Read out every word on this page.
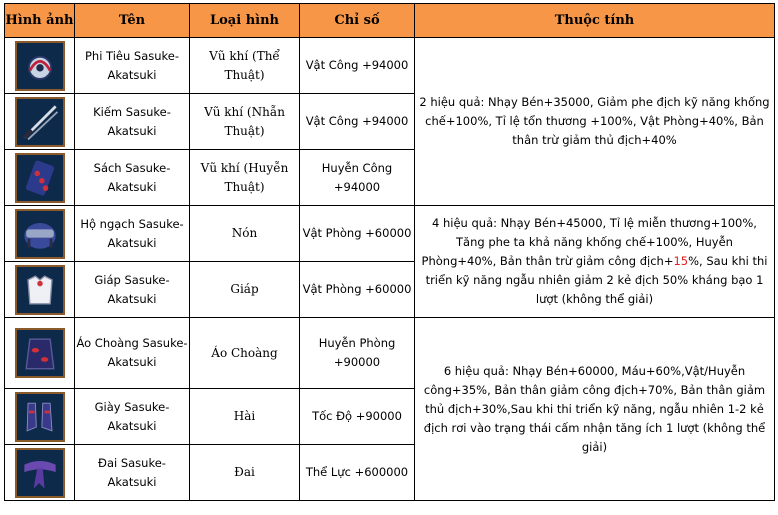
Hình ảnh	Tên	Loại hình	Chỉ số	Thuộc tính

	Phi Tiêu Sasuke-Akatsuki	Vũ khí (Thể Thuật)	Vật Công +94000	2 hiệu quả: Nhạy Bén+35000, Giảm phe địch kỹ năng khống chế+100%, Tỉ lệ tổn thương +100%, Vật Phòng+40%, Bản thân trừ giảm thủ địch+40%

	Kiếm Sasuke-Akatsuki	Vũ khí (Nhẫn Thuật)	Vật Công +94000	

	Sách Sasuke-Akatsuki	Vũ khí (Huyễn Thuật)	Huyễn Công +94000	

	Hộ ngạch Sasuke-Akatsuki	Nón	Vật Phòng +60000	4 hiệu quả: Nhạy Bén+45000, Tỉ lệ miễn thương+100%, Tăng phe ta khả năng khống chế+100%, Huyễn Phòng+40%, Bản thân trừ giảm công địch+15%, Sau khi thi triển kỹ năng ngẫu nhiên giảm 2 kẻ địch 50% kháng bạo 1 lượt (không thể giải)

	Giáp Sasuke-Akatsuki	Giáp	Vật Phòng +60000	

	Áo Choàng Sasuke-Akatsuki	Áo Choàng	Huyễn Phòng +90000	6 hiệu quả: Nhạy Bén+60000, Máu+60%,Vật/Huyễn công+35%, Bản thân giảm công địch+70%, Bản thân giảm thủ địch+30%,Sau khi thi triển kỹ năng, ngẫu nhiên 1-2 kẻ địch rơi vào trạng thái cấm nhận tăng ích 1 lượt (không thể giải)

	Giày Sasuke-Akatsuki	Hài	Tốc Độ +90000	

	Đai Sasuke-Akatsuki	Đai	Thể Lực +600000	
